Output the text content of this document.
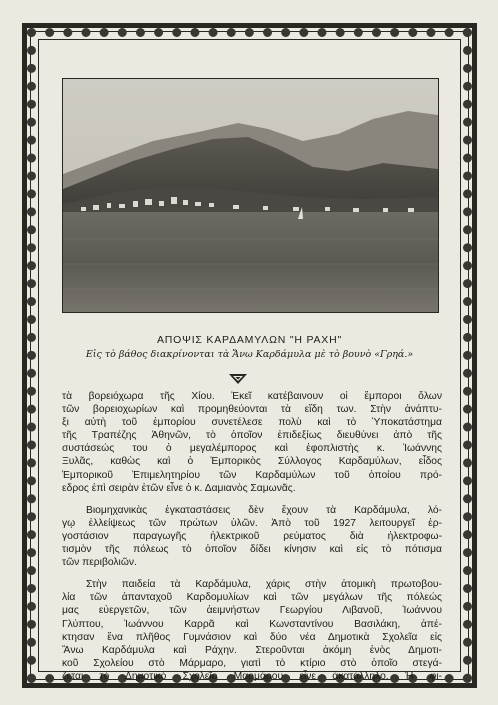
ΑΠΟΨΙΣ ΚΑΡΔΑΜΥΛΩΝ "Η ΡΑΧΗ"
Εἰς τὸ βάθος διακρίνονται τὰ Ἄνω Καρδάμυλα μὲ τὸ βουνὸ «Γρηά.»

τὰ βορειόχωρα τῆς Χίου. Ἐκεῖ κατέβαινουν οἱ ἔμποροι ὅλων
τῶν βορειοχωρίων καὶ προμηθεύονται τὰ εἴδη των. Στὴν ἀνάπτυ-
ξι αὐτὴ τοῦ ἐμπορίου συνετέλεσε πολὺ καὶ τὸ Ὑποκατάστημα
τῆς Τραπέζης Ἀθηνῶν, τὸ ὁποῖον ἐπιδεξίως διευθύνει ἀπὸ τῆς
συστάσεώς του ὁ μεγαλέμπορος καὶ ἐφοπλιστὴς κ. Ἰωάννης
Ξυλᾶς, καθὼς καὶ ὁ Ἐμπορικὸς Σύλλογος Καρδαμύλων, εἶδος
Ἐμπορικοῦ Ἐπιμελητηρίου τῶν Καρδαμύλων τοῦ ὁποίου πρό-
εδρος ἐπὶ σειρὰν ἐτῶν εἶνε ὁ κ. Δαμιανὸς Σαμωνᾶς.

Βιομηχανικὰς ἐγκαταστάσεις δὲν ἔχουν τὰ Καρδάμυλα, λό-
γῳ ἐλλείψεως τῶν πρώτων ὑλῶν. Ἀπὸ τοῦ 1927 λειτουργεῖ ἐρ-
γοστάσιον παραγωγῆς ἠλεκτρικοῦ ρεύματος διὰ ἠλεκτροφω-
τισμὸν τῆς πόλεως τὸ ὁποῖον δίδει κίνησιν καὶ εἰς τὸ πότισμα
τῶν περιβολιῶν.

Στὴν παιδεία τὰ Καρδάμυλα, χάρις στὴν ἀτομικὴ πρωτοβου-
λία τῶν ἀπανταχοῦ Καρδομυλίων καὶ τῶν μεγάλων τῆς πόλεώς
μας εὐεργετῶν, τῶν ἀειμνήστων Γεωργίου Λιβανοῦ, Ἰωάννου
Γλύπτου, Ἰωάννου Καρρᾶ καὶ Κωνσταντίνου Βασιλάκη, ἀπέ-
κτησαν ἕνα πλῆθος Γυμνάσιον καὶ δύο νέα Δημοτικὰ Σχολεῖα εἰς
Ἄνω Καρδάμυλα καὶ Ράχην. Στεροῦνται ἀκόμη ἑνὸς Δημοτι-
κοῦ Σχολείου στὸ Μάρμαρο, γιατὶ τὸ κτίριο στὸ ὁποῖο στεγά-
ζεται τὸ Δημοτικὸ Σχολεῖο Μαρμάρου εἶνε ἀκατάλληλο. Ἡ φι-
